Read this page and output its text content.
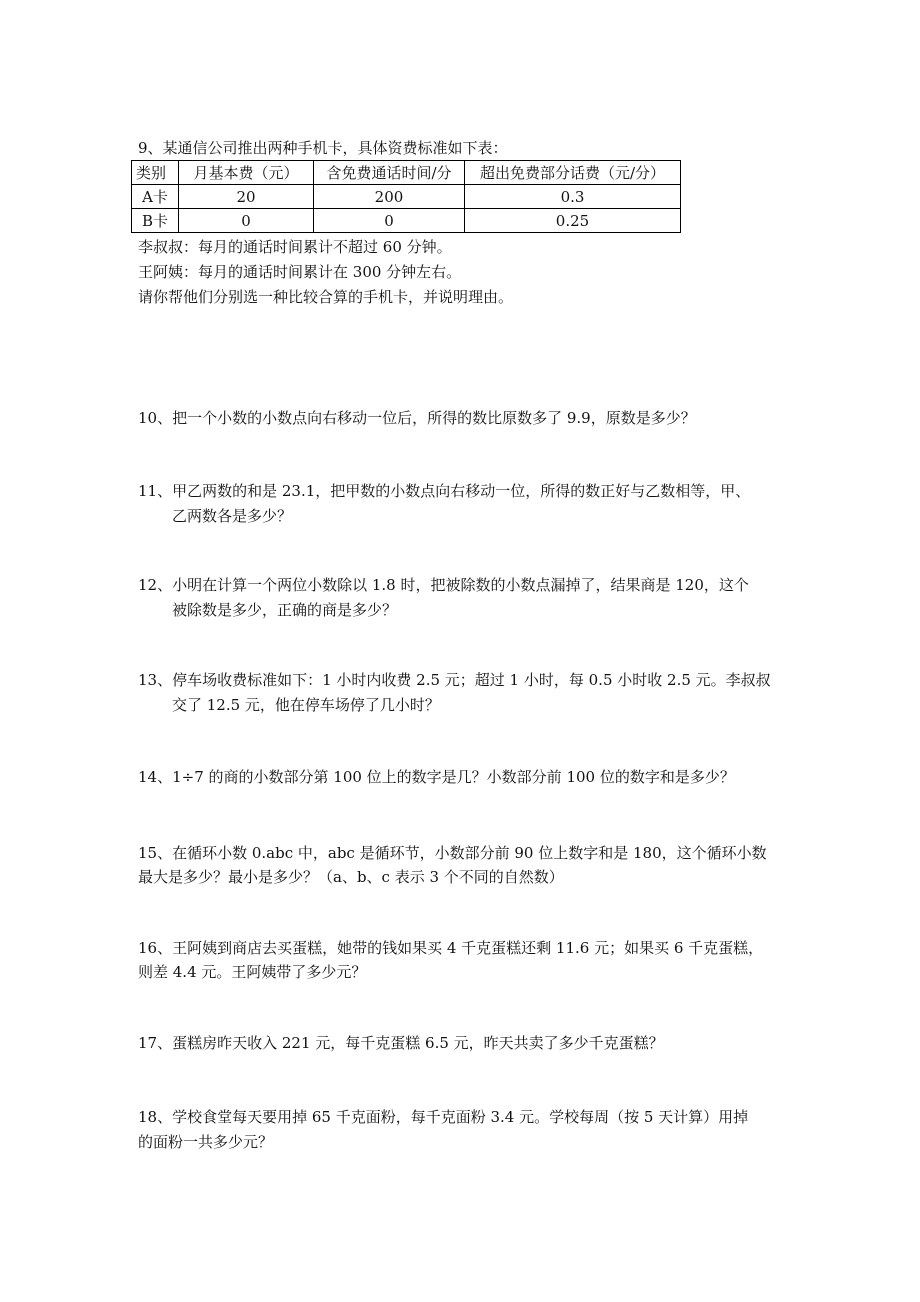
9、某通信公司推出两种手机卡，具体资费标准如下表：
类别	月基本费（元）	含免费通话时间/分	超出免费部分话费（元/分）
A卡	20	200	0.3
B卡	0	0	0.25
李叔叔：每月的通话时间累计不超过 60 分钟。
王阿姨：每月的通话时间累计在 300 分钟左右。
请你帮他们分别选一种比较合算的手机卡，并说明理由。
10、把一个小数的小数点向右移动一位后，所得的数比原数多了 9.9，原数是多少？
11、甲乙两数的和是 23.1，把甲数的小数点向右移动一位，所得的数正好与乙数相等，甲、
乙两数各是多少？
12、小明在计算一个两位小数除以 1.8 时，把被除数的小数点漏掉了，结果商是 120，这个
被除数是多少，正确的商是多少？
13、停车场收费标准如下：1 小时内收费 2.5 元；超过 1 小时，每 0.5 小时收 2.5 元。李叔叔
交了 12.5 元，他在停车场停了几小时？
14、1÷7 的商的小数部分第 100 位上的数字是几？小数部分前 100 位的数字和是多少？
15、在循环小数 0.abc 中，abc 是循环节，小数部分前 90 位上数字和是 180，这个循环小数
最大是多少？最小是多少？（a、b、c 表示 3 个不同的自然数）
16、王阿姨到商店去买蛋糕，她带的钱如果买 4 千克蛋糕还剩 11.6 元；如果买 6 千克蛋糕，
则差 4.4 元。王阿姨带了多少元？
17、蛋糕房昨天收入 221 元，每千克蛋糕 6.5 元，昨天共卖了多少千克蛋糕？
18、学校食堂每天要用掉 65 千克面粉，每千克面粉 3.4 元。学校每周（按 5 天计算）用掉
的面粉一共多少元？
